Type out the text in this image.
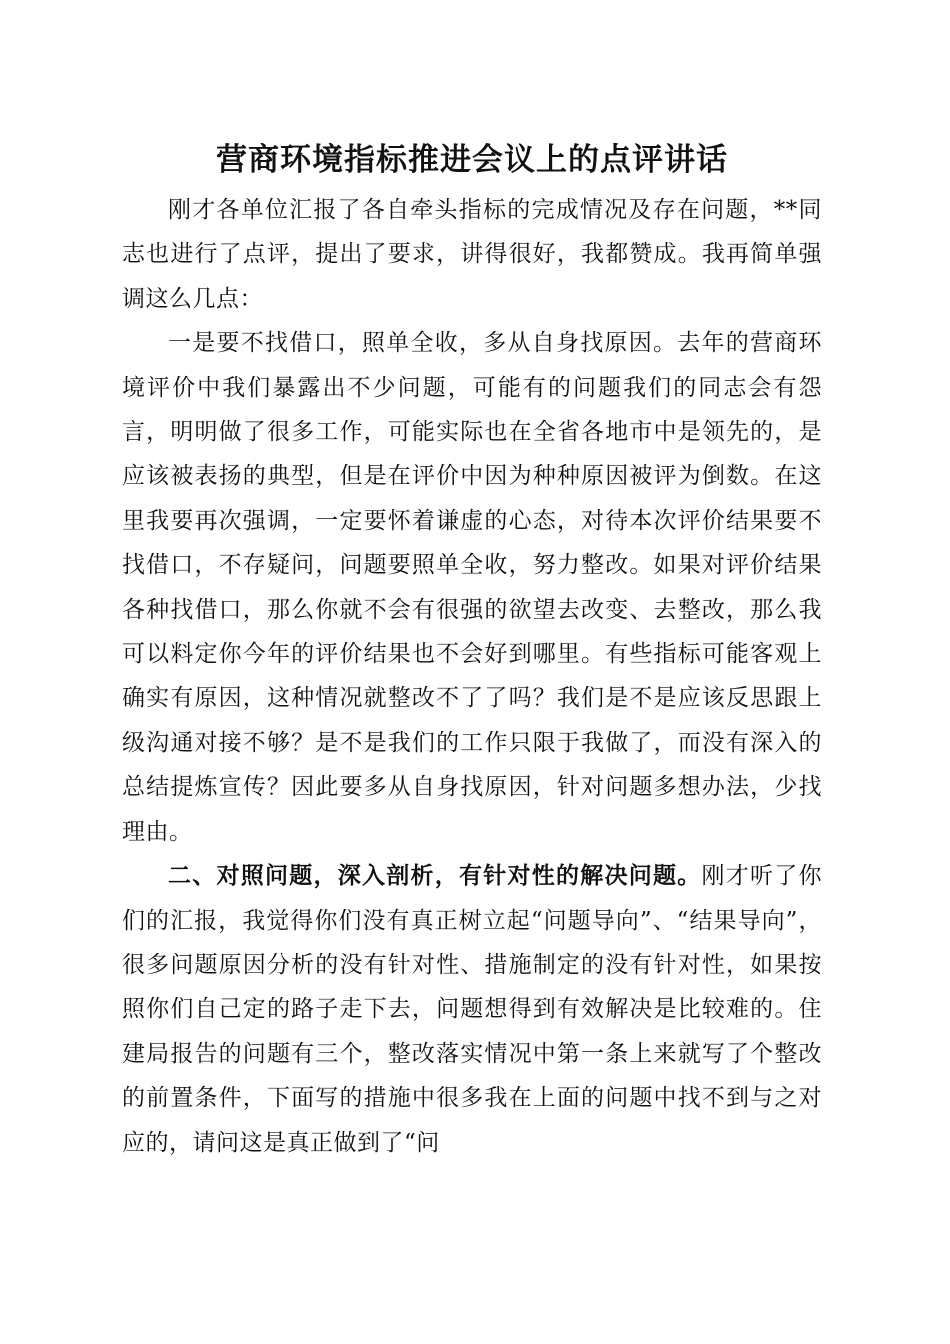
营商环境指标推进会议上的点评讲话

刚才各单位汇报了各自牵头指标的完成情况及存在问题，**同志也进行了点评，提出了要求，讲得很好，我都赞成。我再简单强调这么几点：

一是要不找借口，照单全收，多从自身找原因。去年的营商环境评价中我们暴露出不少问题，可能有的问题我们的同志会有怨言，明明做了很多工作，可能实际也在全省各地市中是领先的，是应该被表扬的典型，但是在评价中因为种种原因被评为倒数。在这里我要再次强调，一定要怀着谦虚的心态，对待本次评价结果要不找借口，不存疑问，问题要照单全收，努力整改。如果对评价结果各种找借口，那么你就不会有很强的欲望去改变、去整改，那么我可以料定你今年的评价结果也不会好到哪里。有些指标可能客观上确实有原因，这种情况就整改不了了吗？我们是不是应该反思跟上级沟通对接不够？是不是我们的工作只限于我做了，而没有深入的总结提炼宣传？因此要多从自身找原因，针对问题多想办法，少找理由。

二、对照问题，深入剖析，有针对性的解决问题。刚才听了你们的汇报，我觉得你们没有真正树立起“问题导向”、“结果导向”，很多问题原因分析的没有针对性、措施制定的没有针对性，如果按照你们自己定的路子走下去，问题想得到有效解决是比较难的。住建局报告的问题有三个，整改落实情况中第一条上来就写了个整改的前置条件，下面写的措施中很多我在上面的问题中找不到与之对应的，请问这是真正做到了“问
